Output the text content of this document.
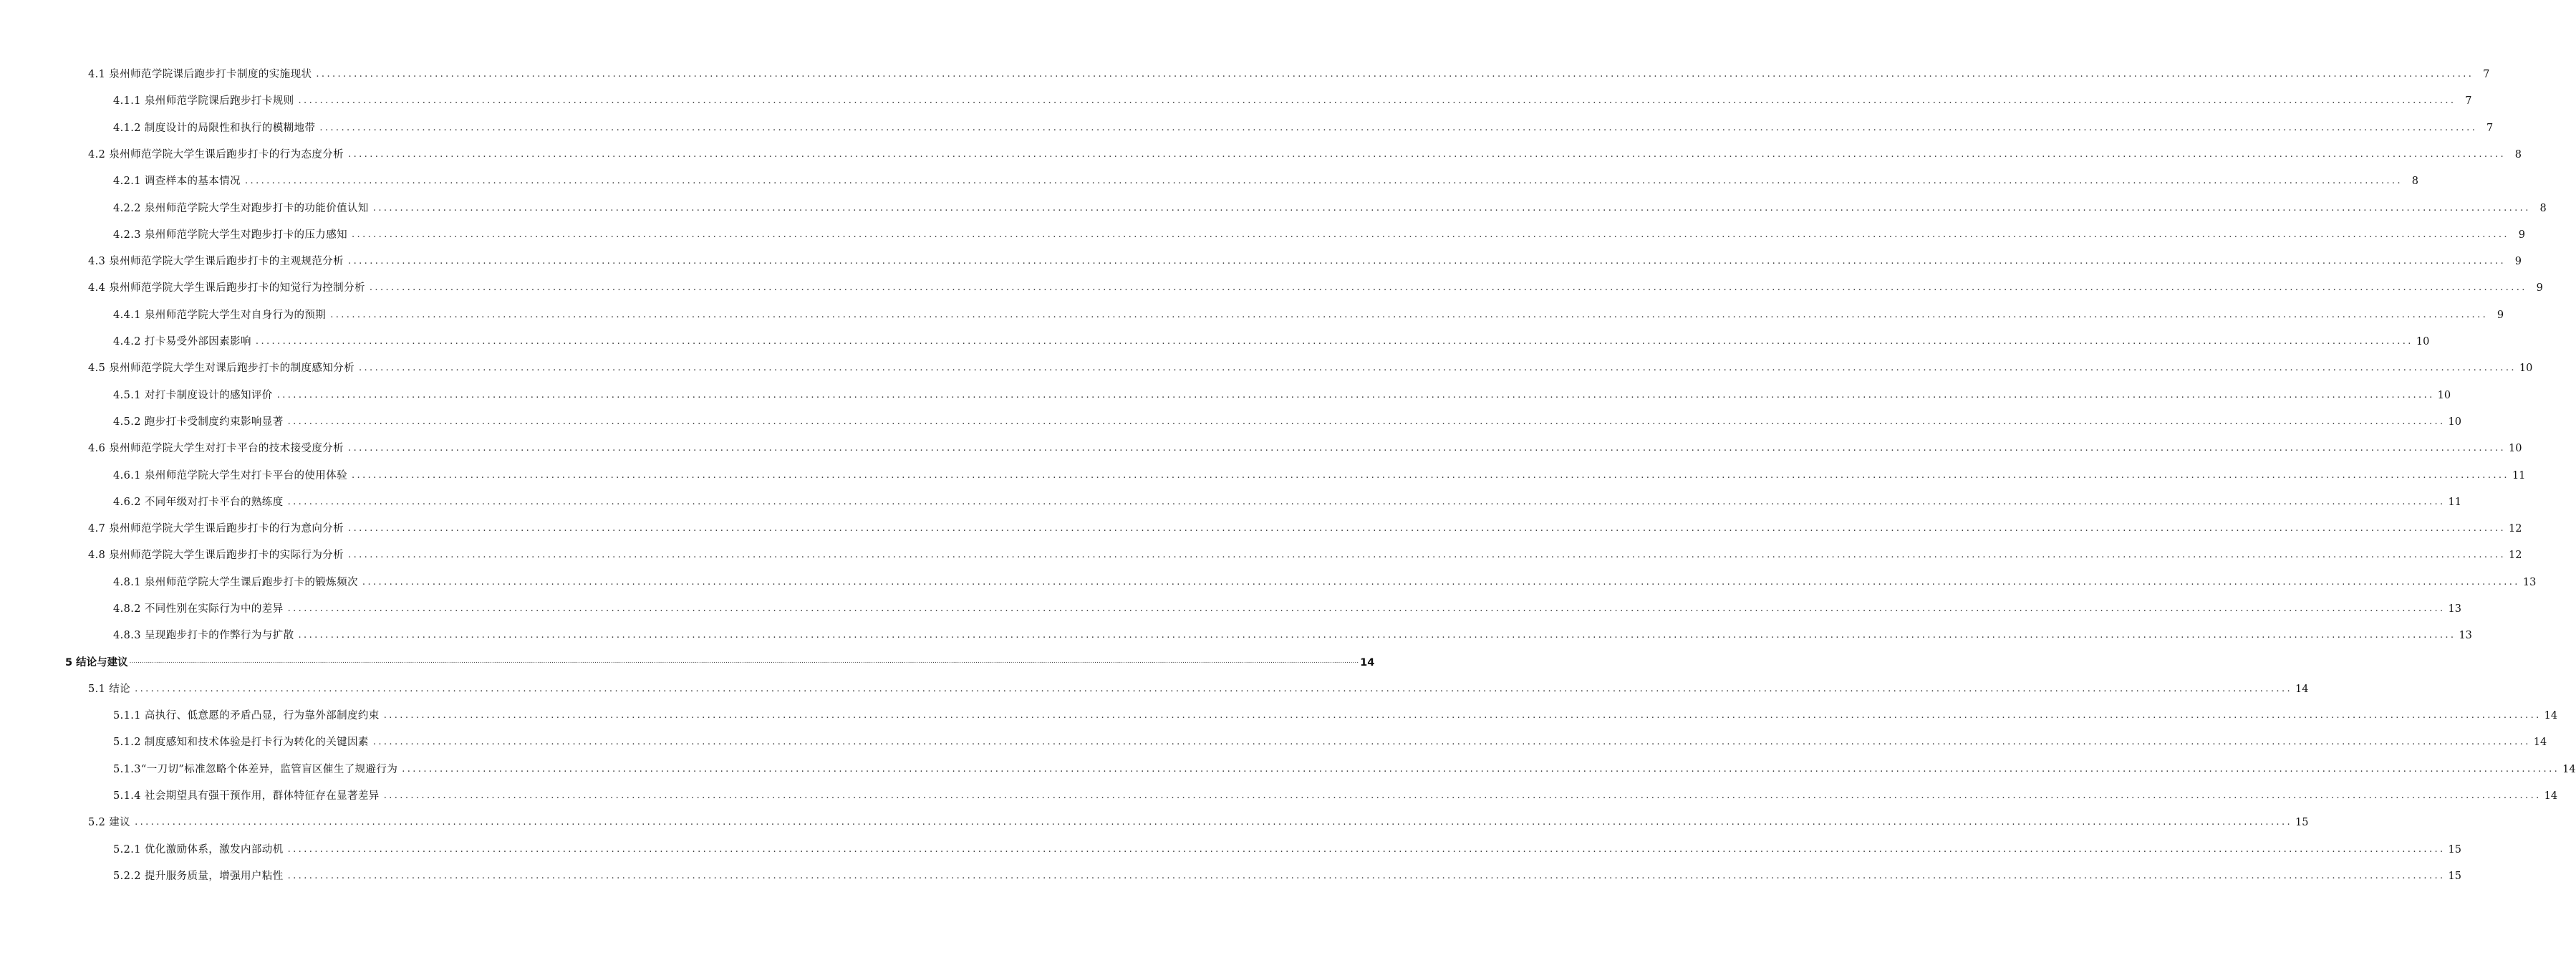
4.1 泉州师范学院课后跑步打卡制度的实施现状 ................................................................................................................................................................................................................................................................................................................................................................................................................ 7
4.1.1 泉州师范学院课后跑步打卡规则 ................................................................................................................................................................................................................................................................................................................................................................................................................ 7
4.1.2 制度设计的局限性和执行的模糊地带 ................................................................................................................................................................................................................................................................................................................................................................................................................ 7
4.2 泉州师范学院大学生课后跑步打卡的行为态度分析 ................................................................................................................................................................................................................................................................................................................................................................................................................ 8
4.2.1 调查样本的基本情况 ................................................................................................................................................................................................................................................................................................................................................................................................................ 8
4.2.2 泉州师范学院大学生对跑步打卡的功能价值认知 ................................................................................................................................................................................................................................................................................................................................................................................................................ 8
4.2.3 泉州师范学院大学生对跑步打卡的压力感知 ................................................................................................................................................................................................................................................................................................................................................................................................................ 9
4.3 泉州师范学院大学生课后跑步打卡的主观规范分析 ................................................................................................................................................................................................................................................................................................................................................................................................................ 9
4.4 泉州师范学院大学生课后跑步打卡的知觉行为控制分析 ................................................................................................................................................................................................................................................................................................................................................................................................................ 9
4.4.1 泉州师范学院大学生对自身行为的预期 ................................................................................................................................................................................................................................................................................................................................................................................................................ 9
4.4.2 打卡易受外部因素影响 ................................................................................................................................................................................................................................................................................................................................................................................................................ 10
4.5 泉州师范学院大学生对课后跑步打卡的制度感知分析 ................................................................................................................................................................................................................................................................................................................................................................................................................ 10
4.5.1 对打卡制度设计的感知评价 ................................................................................................................................................................................................................................................................................................................................................................................................................ 10
4.5.2 跑步打卡受制度约束影响显著 ................................................................................................................................................................................................................................................................................................................................................................................................................ 10
4.6 泉州师范学院大学生对打卡平台的技术接受度分析 ................................................................................................................................................................................................................................................................................................................................................................................................................ 10
4.6.1 泉州师范学院大学生对打卡平台的使用体验 ................................................................................................................................................................................................................................................................................................................................................................................................................ 11
4.6.2 不同年级对打卡平台的熟练度 ................................................................................................................................................................................................................................................................................................................................................................................................................ 11
4.7 泉州师范学院大学生课后跑步打卡的行为意向分析 ................................................................................................................................................................................................................................................................................................................................................................................................................ 12
4.8 泉州师范学院大学生课后跑步打卡的实际行为分析 ................................................................................................................................................................................................................................................................................................................................................................................................................ 12
4.8.1 泉州师范学院大学生课后跑步打卡的锻炼频次 ................................................................................................................................................................................................................................................................................................................................................................................................................ 13
4.8.2 不同性别在实际行为中的差异 ................................................................................................................................................................................................................................................................................................................................................................................................................ 13
4.8.3 呈现跑步打卡的作弊行为与扩散 ................................................................................................................................................................................................................................................................................................................................................................................................................ 13
5 结论与建议 ........................................................................................................................................................................................................................................................................................................................................................................................................................................................................................................................................................................................................................ 14
5.1 结论 ................................................................................................................................................................................................................................................................................................................................................................................................................ 14
5.1.1 高执行、低意愿的矛盾凸显，行为靠外部制度约束 ................................................................................................................................................................................................................................................................................................................................................................................................................ 14
5.1.2 制度感知和技术体验是打卡行为转化的关键因素 ................................................................................................................................................................................................................................................................................................................................................................................................................ 14
5.1.3“一刀切”标准忽略个体差异，监管盲区催生了规避行为 ................................................................................................................................................................................................................................................................................................................................................................................................................ 14
5.1.4 社会期望具有强干预作用，群体特征存在显著差异 ................................................................................................................................................................................................................................................................................................................................................................................................................ 14
5.2 建议 ................................................................................................................................................................................................................................................................................................................................................................................................................ 15
5.2.1 优化激励体系，激发内部动机 ................................................................................................................................................................................................................................................................................................................................................................................................................ 15
5.2.2 提升服务质量，增强用户粘性 ................................................................................................................................................................................................................................................................................................................................................................................................................ 15
